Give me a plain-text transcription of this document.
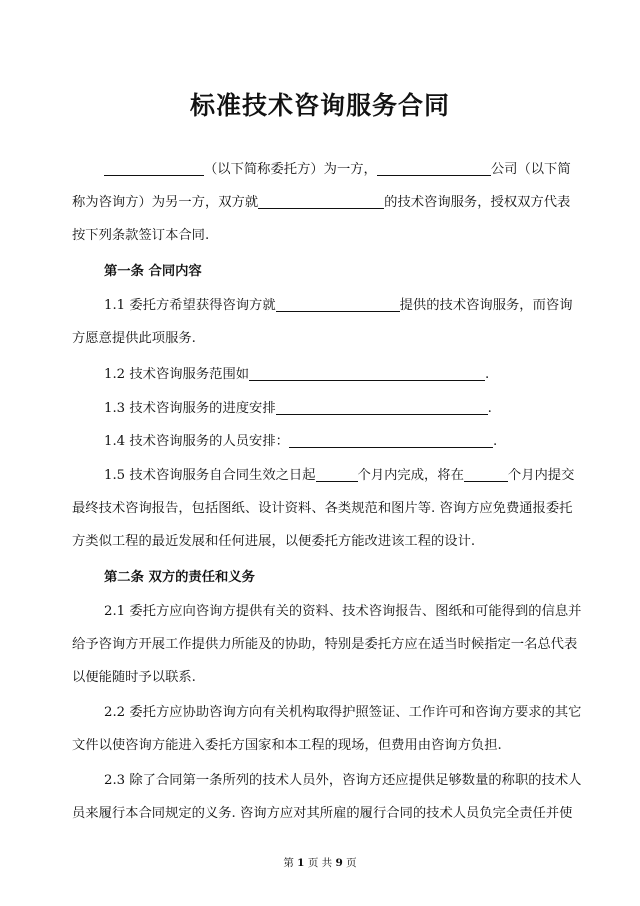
标准技术咨询服务合同
（以下简称委托方）为一方，	公司（以下简
称为咨询方）为另一方，双方就	的技术咨询服务，授权双方代表
按下列条款签订本合同.
第一条 合同内容
1.1 委托方希望获得咨询方就	提供的技术咨询服务，而咨询
方愿意提供此项服务.
1.2 技术咨询服务范围如	.
1.3 技术咨询服务的进度安排	.
1.4 技术咨询服务的人员安排：	.
1.5 技术咨询服务自合同生效之日起	个月内完成，将在	个月内提交
最终技术咨询报告，包括图纸、设计资料、各类规范和图片等. 咨询方应免费通报委托
方类似工程的最近发展和任何进展，以便委托方能改进该工程的设计.
第二条 双方的责任和义务
2.1 委托方应向咨询方提供有关的资料、技术咨询报告、图纸和可能得到的信息并
给予咨询方开展工作提供力所能及的协助，特别是委托方应在适当时候指定一名总代表
以便能随时予以联系.
2.2 委托方应协助咨询方向有关机构取得护照签证、工作许可和咨询方要求的其它
文件以使咨询方能进入委托方国家和本工程的现场，但费用由咨询方负担.
2.3 除了合同第一条所列的技术人员外，咨询方还应提供足够数量的称职的技术人
员来履行本合同规定的义务. 咨询方应对其所雇的履行合同的技术人员负完全责任并使
第 1 页 共 9 页
